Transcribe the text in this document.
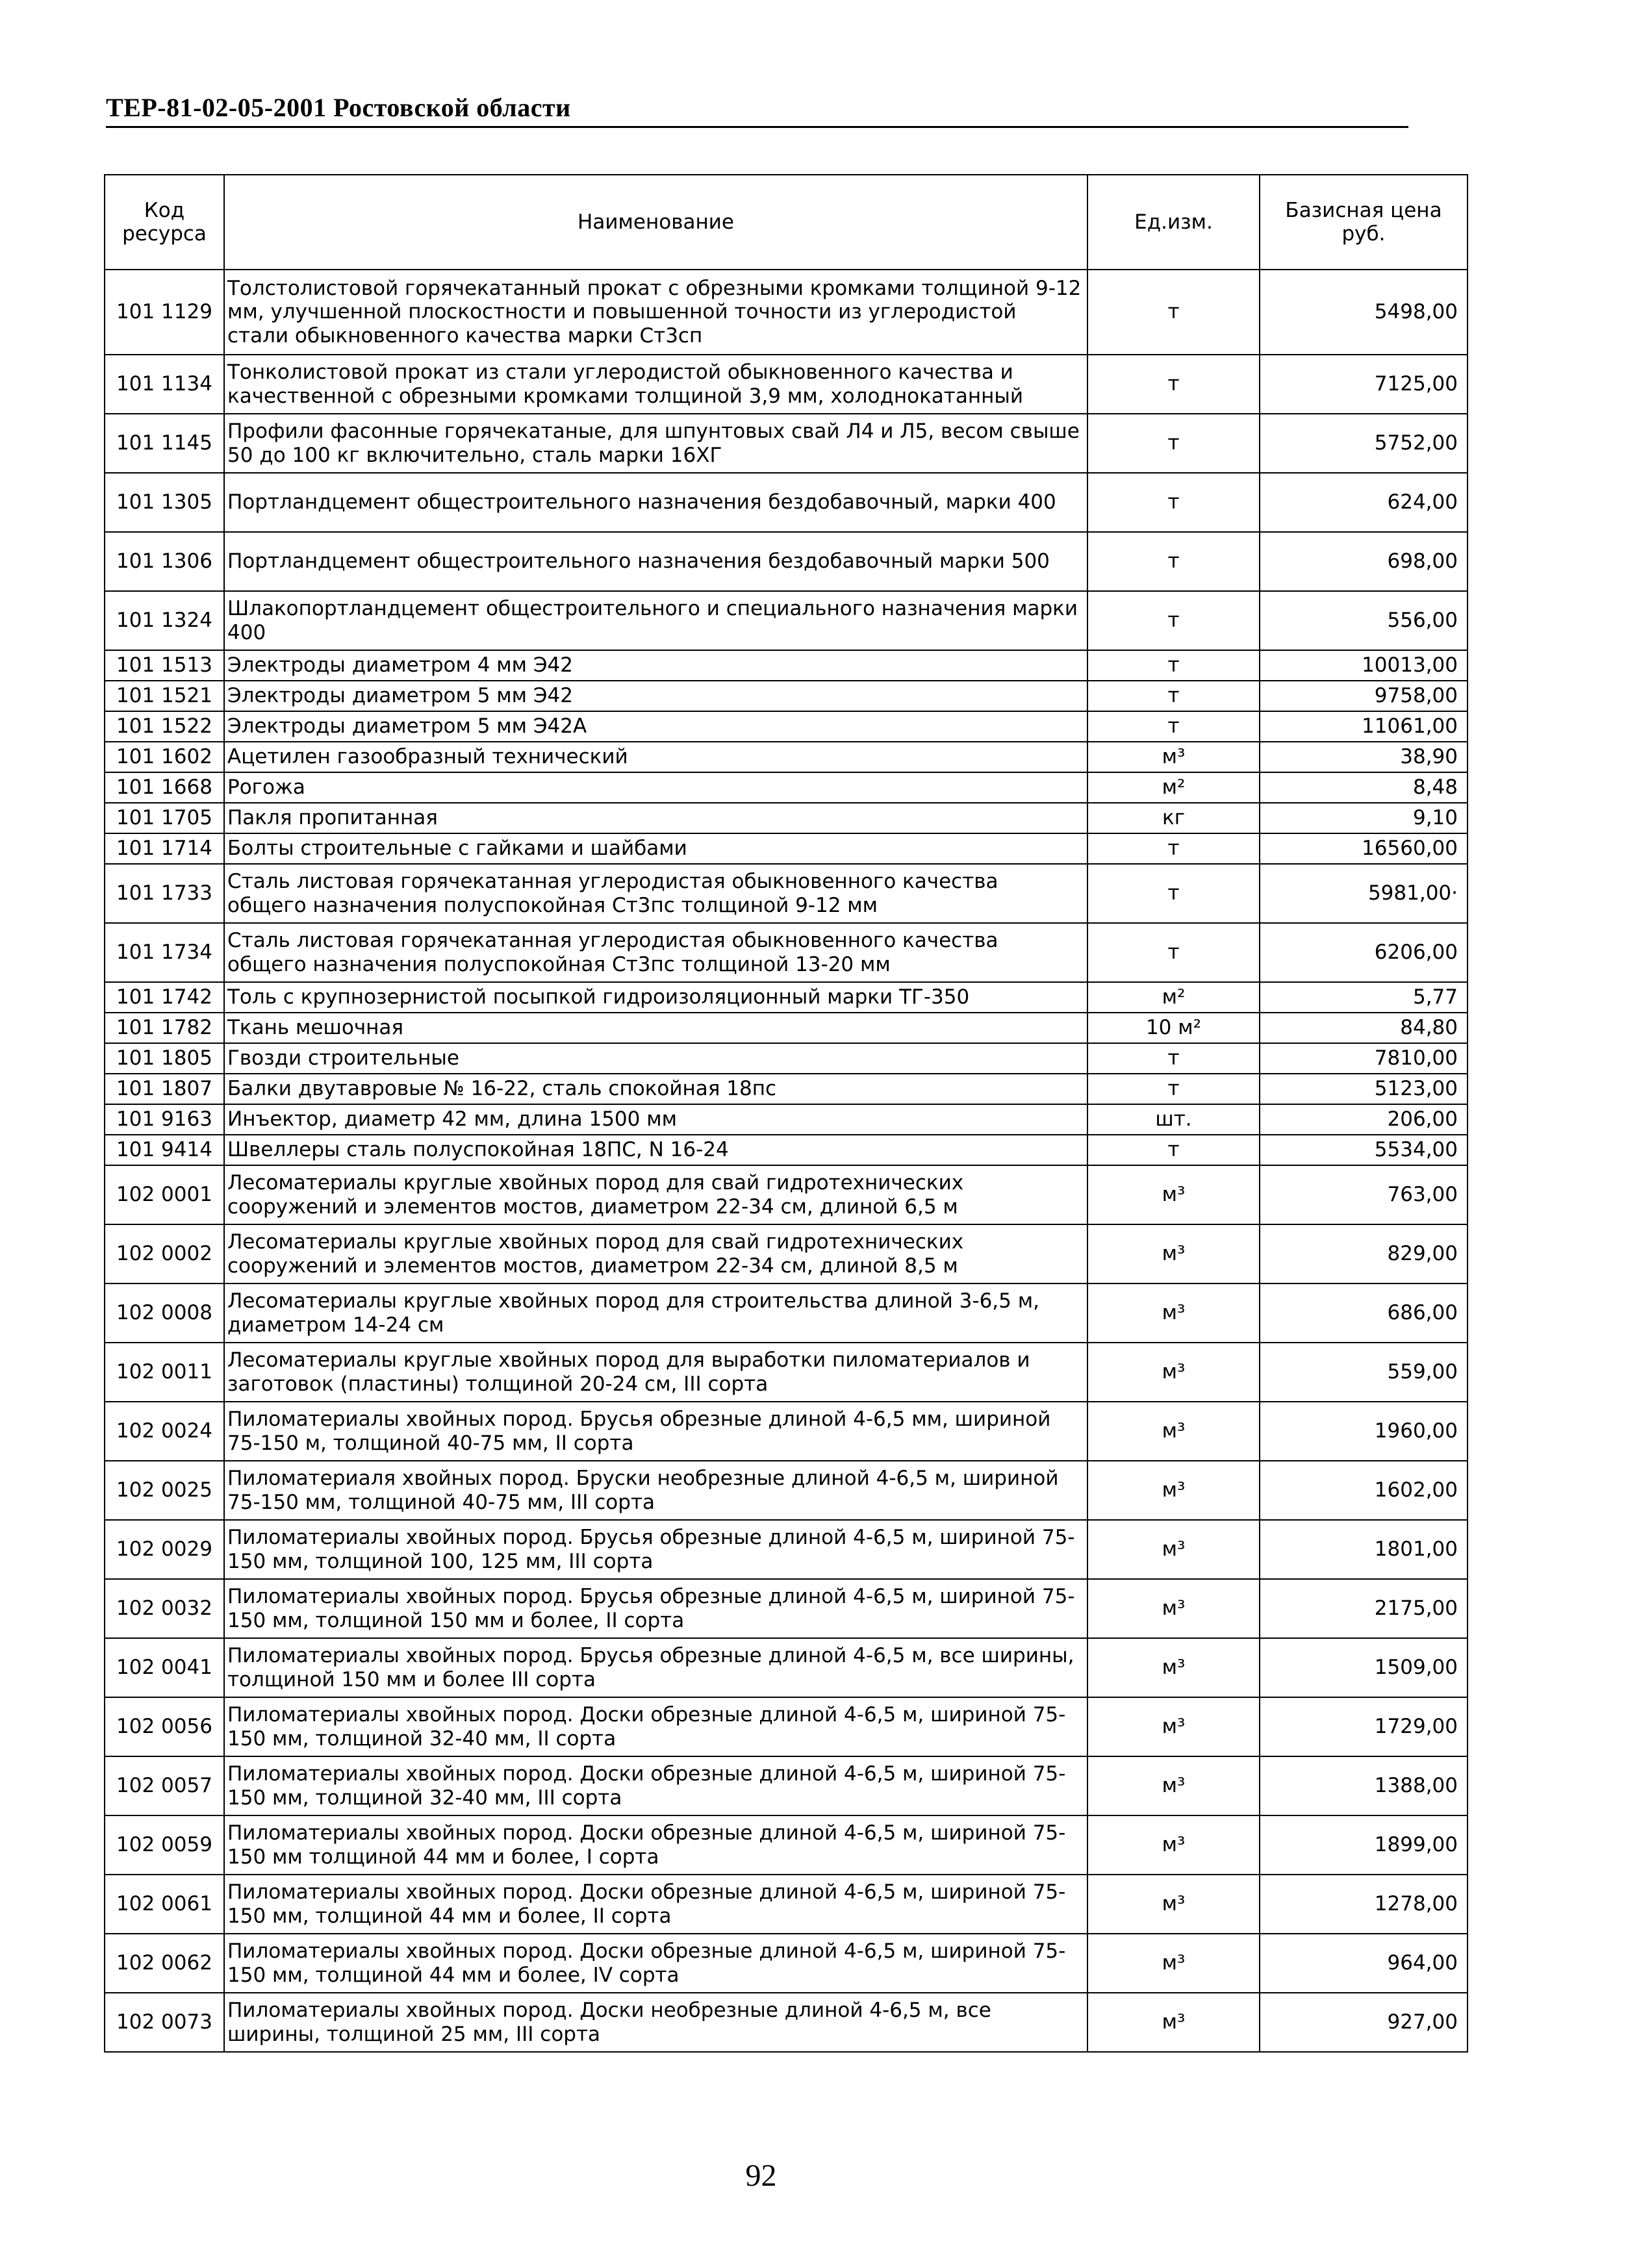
ТЕР-81-02-05-2001 Ростовской области
Код ресурса	Наименование	Ед.изм.	Базисная цена руб.
101 1129	Толстолистовой горячекатанный прокат с обрезными кромками толщиной 9-12 мм, улучшенной плоскостности и повышенной точности из углеродистой стали обыкновенного качества марки Ст3сп	т	5498,00
101 1134	Тонколистовой прокат из стали углеродистой обыкновенного качества и качественной с обрезными кромками толщиной 3,9 мм, холоднокатанный	т	7125,00
101 1145	Профили фасонные горячекатаные, для шпунтовых свай Л4 и Л5, весом свыше 50 до 100 кг включительно, сталь марки 16ХГ	т	5752,00
101 1305	Портландцемент общестроительного назначения бездобавочный, марки 400	т	624,00
101 1306	Портландцемент общестроительного назначения бездобавочный марки 500	т	698,00
101 1324	Шлакопортландцемент общестроительного и специального назначения марки 400	т	556,00
101 1513	Электроды диаметром 4 мм Э42	т	10013,00
101 1521	Электроды диаметром 5 мм Э42	т	9758,00
101 1522	Электроды диаметром 5 мм Э42А	т	11061,00
101 1602	Ацетилен газообразный технический	м³	38,90
101 1668	Рогожа	м²	8,48
101 1705	Пакля пропитанная	кг	9,10
101 1714	Болты строительные с гайками и шайбами	т	16560,00
101 1733	Сталь листовая горячекатанная углеродистая обыкновенного качества общего назначения полуспокойная Ст3пс толщиной 9-12 мм	т	5981,00·
101 1734	Сталь листовая горячекатанная углеродистая обыкновенного качества общего назначения полуспокойная Ст3пс толщиной 13-20 мм	т	6206,00
101 1742	Толь с крупнозернистой посыпкой гидроизоляционный марки ТГ-350	м²	5,77
101 1782	Ткань мешочная	10 м²	84,80
101 1805	Гвозди строительные	т	7810,00
101 1807	Балки двутавровые № 16-22, сталь спокойная 18пс	т	5123,00
101 9163	Инъектор, диаметр 42 мм, длина 1500 мм	шт.	206,00
101 9414	Швеллеры сталь полуспокойная 18ПС, N 16-24	т	5534,00
102 0001	Лесоматериалы круглые хвойных пород для свай гидротехнических сооружений и элементов мостов, диаметром 22-34 см, длиной 6,5 м	м³	763,00
102 0002	Лесоматериалы круглые хвойных пород для свай гидротехнических сооружений и элементов мостов, диаметром 22-34 см, длиной 8,5 м	м³	829,00
102 0008	Лесоматериалы круглые хвойных пород для строительства длиной 3-6,5 м, диаметром 14-24 см	м³	686,00
102 0011	Лесоматериалы круглые хвойных пород для выработки пиломатериалов и заготовок (пластины) толщиной 20-24 см, III сорта	м³	559,00
102 0024	Пиломатериалы хвойных пород. Брусья обрезные длиной 4-6,5 мм, шириной 75-150 м, толщиной 40-75 мм, II сорта	м³	1960,00
102 0025	Пиломатериаля хвойных пород. Бруски необрезные длиной 4-6,5 м, шириной 75-150 мм, толщиной 40-75 мм, III сорта	м³	1602,00
102 0029	Пиломатериалы хвойных пород. Брусья обрезные длиной 4-6,5 м, шириной 75-150 мм, толщиной 100, 125 мм, III сорта	м³	1801,00
102 0032	Пиломатериалы хвойных пород. Брусья обрезные длиной 4-6,5 м, шириной 75-150 мм, толщиной 150 мм и более, II сорта	м³	2175,00
102 0041	Пиломатериалы хвойных пород. Брусья обрезные длиной 4-6,5 м, все ширины, толщиной 150 мм и более III сорта	м³	1509,00
102 0056	Пиломатериалы хвойных пород. Доски обрезные длиной 4-6,5 м, шириной 75-150 мм, толщиной 32-40 мм, II сорта	м³	1729,00
102 0057	Пиломатериалы хвойных пород. Доски обрезные длиной 4-6,5 м, шириной 75-150 мм, толщиной 32-40 мм, III сорта	м³	1388,00
102 0059	Пиломатериалы хвойных пород. Доски обрезные длиной 4-6,5 м, шириной 75-150 мм толщиной 44 мм и более, I сорта	м³	1899,00
102 0061	Пиломатериалы хвойных пород. Доски обрезные длиной 4-6,5 м, шириной 75-150 мм, толщиной 44 мм и более, II сорта	м³	1278,00
102 0062	Пиломатериалы хвойных пород. Доски обрезные длиной 4-6,5 м, шириной 75-150 мм, толщиной 44 мм и более, IV сорта	м³	964,00
102 0073	Пиломатериалы хвойных пород. Доски необрезные длиной 4-6,5 м, все ширины, толщиной 25 мм, III сорта	м³	927,00
92
